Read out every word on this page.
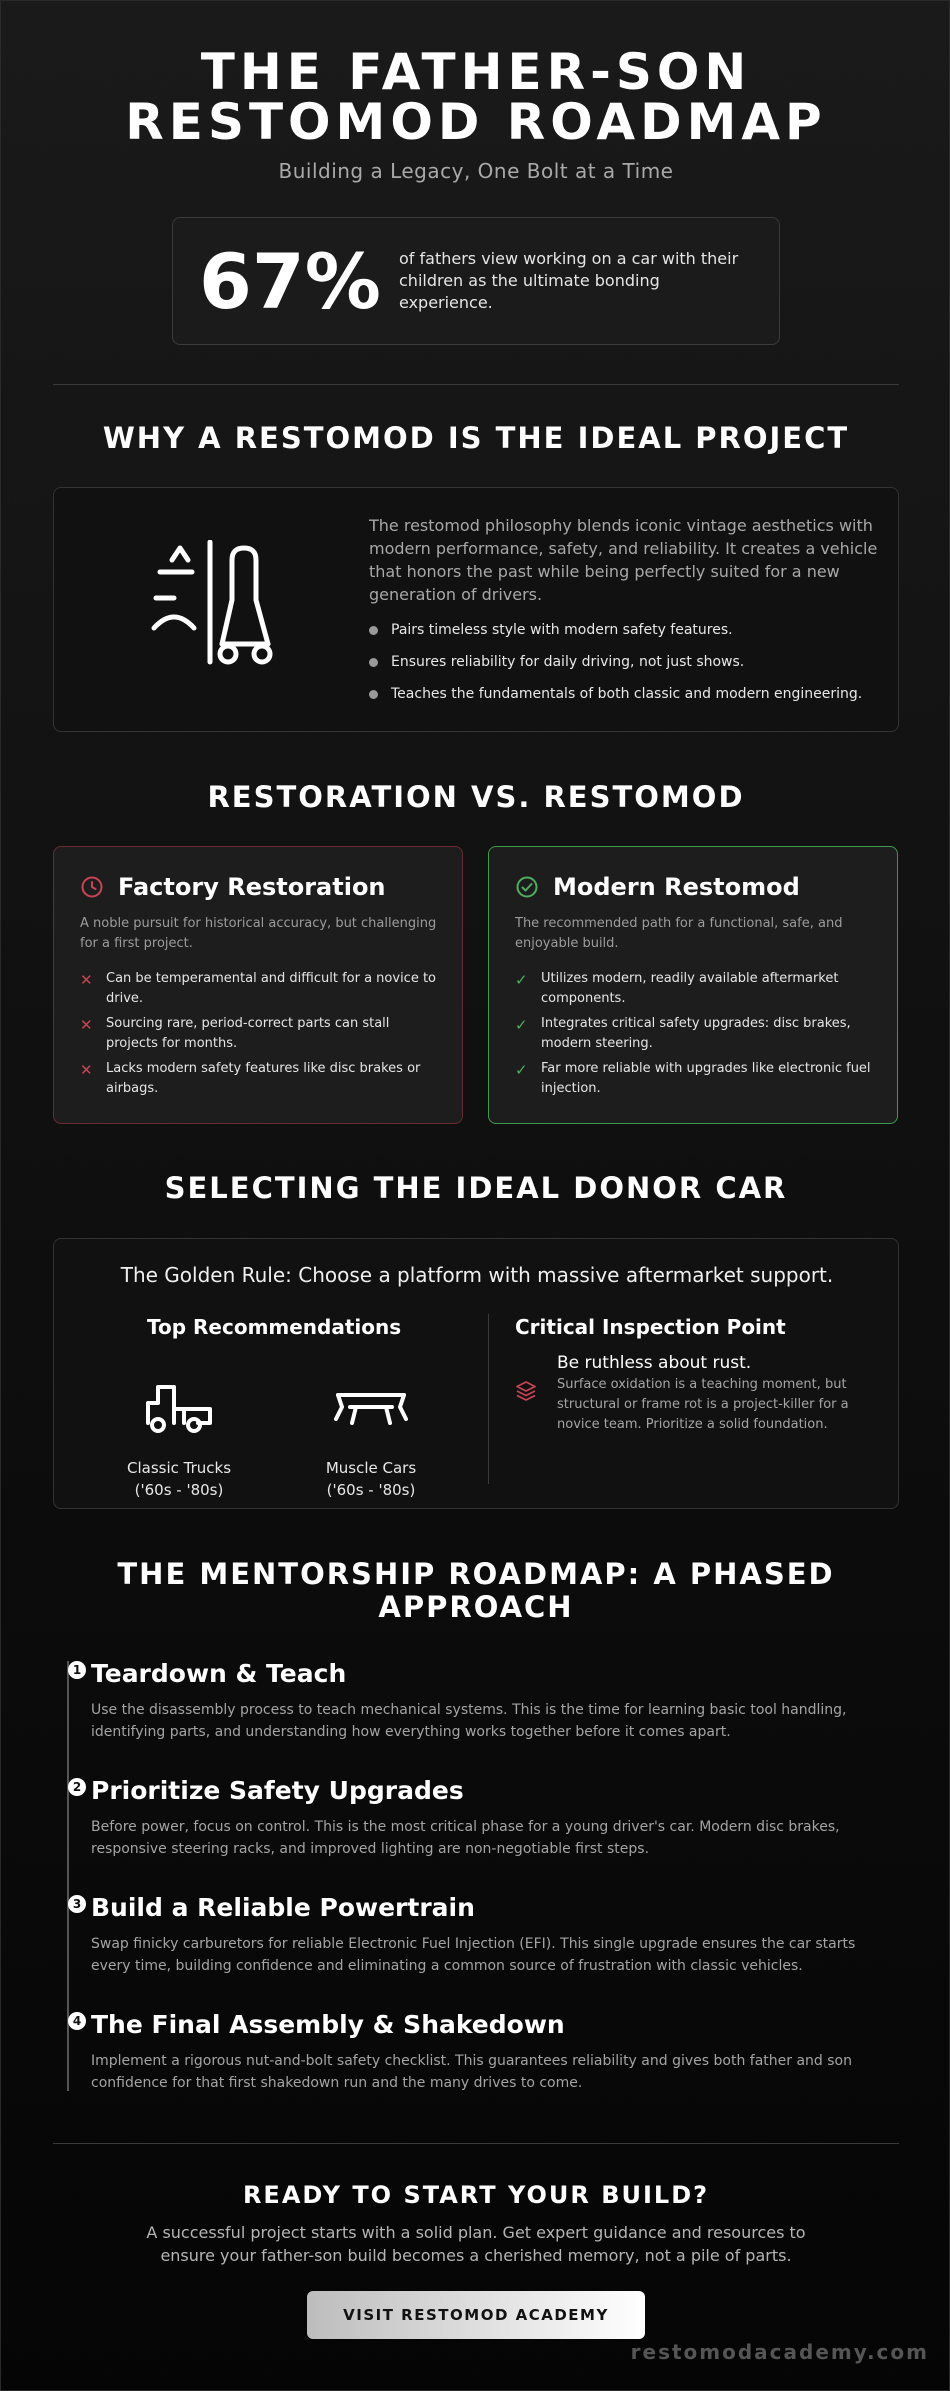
THE FATHER-SON
RESTOMOD ROADMAP
Building a Legacy, One Bolt at a Time
67% of fathers view working on a car with their children as the ultimate bonding experience.
WHY A RESTOMOD IS THE IDEAL PROJECT
The restomod philosophy blends iconic vintage aesthetics with modern performance, safety, and reliability. It creates a vehicle that honors the past while being perfectly suited for a new generation of drivers.
Pairs timeless style with modern safety features.
Ensures reliability for daily driving, not just shows.
Teaches the fundamentals of both classic and modern engineering.
RESTORATION VS. RESTOMOD
Factory Restoration
A noble pursuit for historical accuracy, but challenging for a first project.
✕ Can be temperamental and difficult for a novice to drive.
✕ Sourcing rare, period-correct parts can stall projects for months.
✕ Lacks modern safety features like disc brakes or airbags.
Modern Restomod
The recommended path for a functional, safe, and enjoyable build.
✓ Utilizes modern, readily available aftermarket components.
✓ Integrates critical safety upgrades: disc brakes, modern steering.
✓ Far more reliable with upgrades like electronic fuel injection.
SELECTING THE IDEAL DONOR CAR
The Golden Rule: Choose a platform with massive aftermarket support.
Top Recommendations
Classic Trucks
('60s - '80s)
Muscle Cars
('60s - '80s)
Critical Inspection Point
Be ruthless about rust.
Surface oxidation is a teaching moment, but structural or frame rot is a project-killer for a novice team. Prioritize a solid foundation.
THE MENTORSHIP ROADMAP: A PHASED
APPROACH
1 Teardown & Teach
Use the disassembly process to teach mechanical systems. This is the time for learning basic tool handling, identifying parts, and understanding how everything works together before it comes apart.
2 Prioritize Safety Upgrades
Before power, focus on control. This is the most critical phase for a young driver's car. Modern disc brakes, responsive steering racks, and improved lighting are non-negotiable first steps.
3 Build a Reliable Powertrain
Swap finicky carburetors for reliable Electronic Fuel Injection (EFI). This single upgrade ensures the car starts every time, building confidence and eliminating a common source of frustration with classic vehicles.
4 The Final Assembly & Shakedown
Implement a rigorous nut-and-bolt safety checklist. This guarantees reliability and gives both father and son confidence for that first shakedown run and the many drives to come.
READY TO START YOUR BUILD?
A successful project starts with a solid plan. Get expert guidance and resources to ensure your father-son build becomes a cherished memory, not a pile of parts.
VISIT RESTOMOD ACADEMY
restomodacademy.com
